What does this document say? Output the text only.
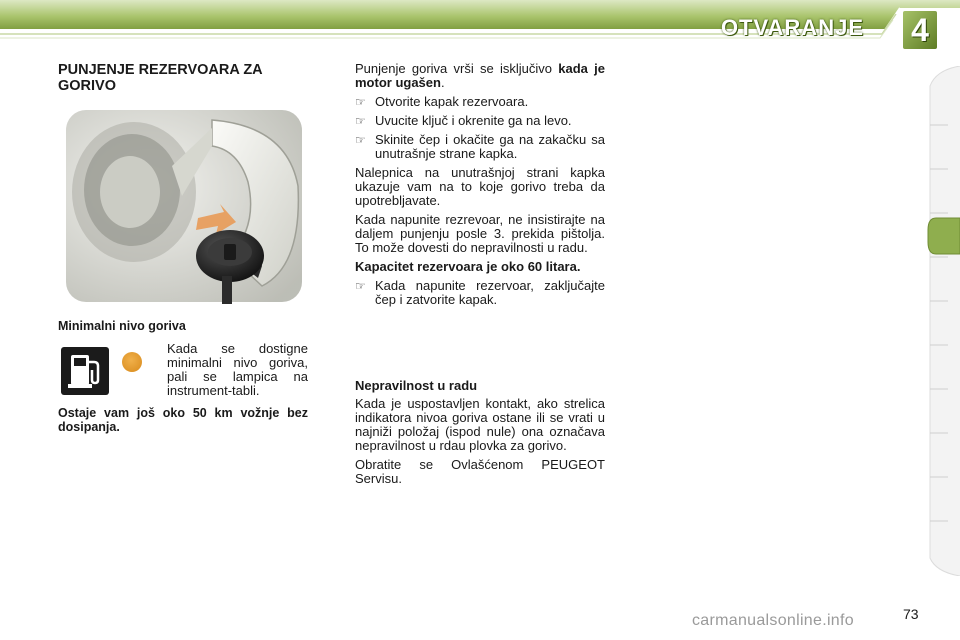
OTVARANJE 4
PUNJENJE REZERVOARA ZA GORIVO
Minimalni nivo goriva
Kada se dostigne minimalni nivo goriva, pali se lampica na instrument-tabli.
Ostaje vam još oko 50 km vožnje bez dosipanja.

Punjenje goriva vrši se isključivo kada je motor ugašen.

☞ Otvorite kapak rezervoara.
☞ Uvucite ključ i okrenite ga na levo.
☞ Skinite čep i okačite ga na zakačku sa unutrašnje strane kapka.

Nalepnica na unutrašnjoj strani kapka ukazuje vam na to koje gorivo treba da upotrebljavate.

Kada napunite rezrevoar, ne insistirajte na daljem punjenju posle 3. prekida pištolja. To može dovesti do nepravilnosti u radu.

Kapacitet rezervoara je oko 60 litara.

☞ Kada napunite rezervoar, zaključajte čep i zatvorite kapak.

Nepravilnost u radu

Kada je uspostavljen kontakt, ako strelica indikatora nivoa goriva ostane ili se vrati u najniži položaj (ispod nule) ona označava nepravilnost u rdau plovka za gorivo.

Obratite se Ovlašćenom PEUGEOT Servisu.

73
carmanualsonline.info
